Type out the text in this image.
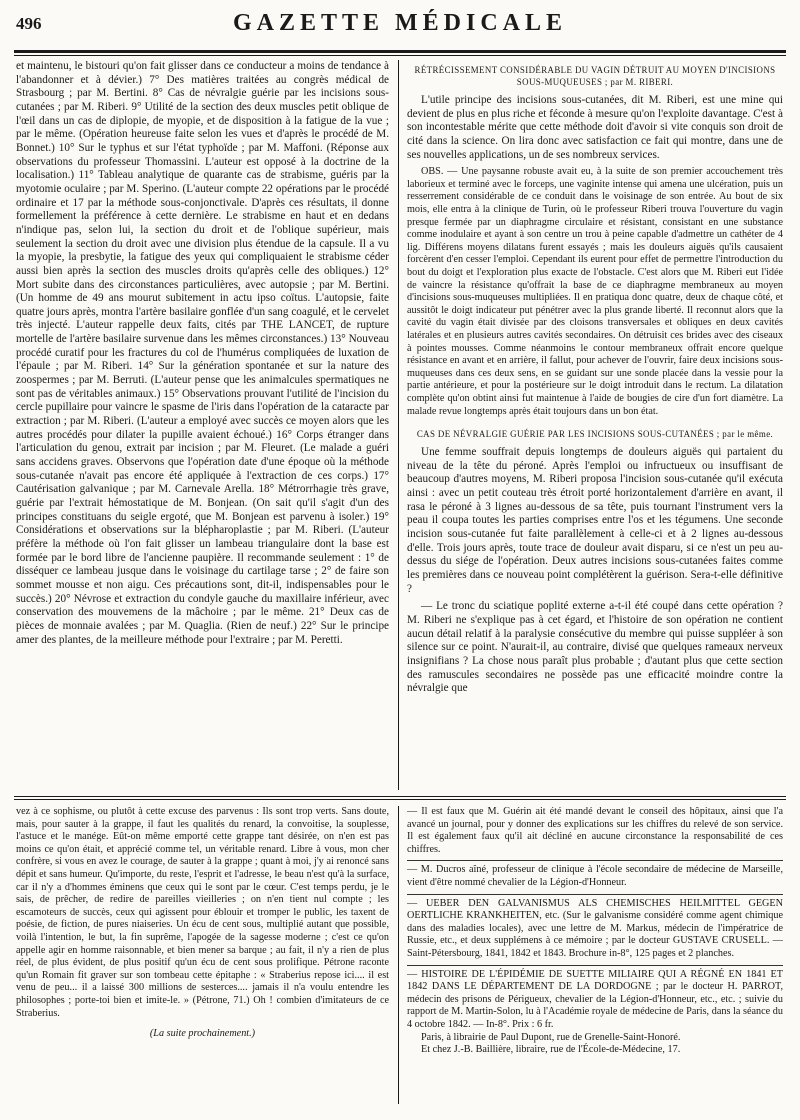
496	GAZETTE MÉDICALE

et maintenu, le bistouri qu'on fait glisser dans ce conducteur a moins de tendance à l'abandonner et à dévier.) 7° Des matières traitées au congrès médical de Strasbourg ; par M. Bertini. 8° Cas de névralgie guérie par les incisions sous-cutanées ; par M. Riberi. 9° Utilité de la section des deux muscles petit oblique de l'œil dans un cas de diplopie, de myopie, et de disposition à la fatigue de la vue ; par le même. (Opération heureuse faite selon les vues et d'après le procédé de M. Bonnet.) 10° Sur le typhus et sur l'état typhoïde ; par M. Maffoni. (Réponse aux observations du professeur Thomassini. L'auteur est opposé à la doctrine de la localisation.) 11° Tableau analytique de quarante cas de strabisme, guéris par la myotomie oculaire ; par M. Sperino. (L'auteur compte 22 opérations par le procédé ordinaire et 17 par la méthode sous-conjonctivale. D'après ces résultats, il donne formellement la préférence à cette dernière. Le strabisme en haut et en dedans n'indique pas, selon lui, la section du droit et de l'oblique supérieur, mais seulement la section du droit avec une division plus étendue de la capsule. Il a vu la myopie, la presbytie, la fatigue des yeux qui compliquaient le strabisme céder aussi bien après la section des muscles droits qu'après celle des obliques.) 12° Mort subite dans des circonstances particulières, avec autopsie ; par M. Bertini. (Un homme de 49 ans mourut subitement in actu ipso coïtus. L'autopsie, faite quatre jours après, montra l'artère basilaire gonflée d'un sang coagulé, et le cervelet très injecté. L'auteur rappelle deux faits, cités par THE LANCET, de rupture mortelle de l'artère basilaire survenue dans les mêmes circonstances.) 13° Nouveau procédé curatif pour les fractures du col de l'humérus compliquées de luxation de l'épaule ; par M. Riberi. 14° Sur la génération spontanée et sur la nature des zoospermes ; par M. Berruti. (L'auteur pense que les animalcules spermatiques ne sont pas de véritables animaux.) 15° Observations prouvant l'utilité de l'incision du cercle pupillaire pour vaincre le spasme de l'iris dans l'opération de la cataracte par extraction ; par M. Riberi. (L'auteur a employé avec succès ce moyen alors que les autres procédés pour dilater la pupille avaient échoué.) 16° Corps étranger dans l'articulation du genou, extrait par incision ; par M. Fleuret. (Le malade a guéri sans accidens graves. Observons que l'opération date d'une époque où la méthode sous-cutanée n'avait pas encore été appliquée à l'extraction de ces corps.) 17° Cautérisation galvanique ; par M. Carnevale Arella. 18° Métrorrhagie très grave, guérie par l'extrait hémostatique de M. Bonjean. (On sait qu'il s'agit d'un des principes constituans du seigle ergoté, que M. Bonjean est parvenu à isoler.) 19° Considérations et observations sur la blépharoplastie ; par M. Riberi. (L'auteur préfère la méthode où l'on fait glisser un lambeau triangulaire dont la base est formée par le bord libre de l'ancienne paupière. Il recommande seulement : 1° de disséquer ce lambeau jusque dans le voisinage du cartilage tarse ; 2° de faire son sommet mousse et non aigu. Ces précautions sont, dit-il, indispensables pour le succès.) 20° Névrose et extraction du condyle gauche du maxillaire inférieur, avec conservation des mouvemens de la mâchoire ; par le même. 21° Deux cas de pièces de monnaie avalées ; par M. Quaglia. (Rien de neuf.) 22° Sur le principe amer des plantes, de la meilleure méthode pour l'extraire ; par M. Peretti.

RÉTRÉCISSEMENT CONSIDÉRABLE DU VAGIN DÉTRUIT AU MOYEN D'INCISIONS SOUS-MUQUEUSES ; par M. RIBERI.

L'utile principe des incisions sous-cutanées, dit M. Riberi, est une mine qui devient de plus en plus riche et féconde à mesure qu'on l'exploite davantage. C'est à son incontestable mérite que cette méthode doit d'avoir si vite conquis son droit de cité dans la science. On lira donc avec satisfaction ce fait qui montre, dans une de ses nouvelles applications, un de ses nombreux services.

OBS. — Une paysanne robuste avait eu, à la suite de son premier accouchement très laborieux et terminé avec le forceps, une vaginite intense qui amena une ulcération, puis un resserrement considérable de ce conduit dans le voisinage de son entrée. Au bout de six mois, elle entra à la clinique de Turin, où le professeur Riberi trouva l'ouverture du vagin presque fermée par un diaphragme circulaire et résistant, consistant en une substance comme inodulaire et ayant à son centre un trou à peine capable d'admettre un cathéter de 4 lig. Différens moyens dilatans furent essayés ; mais les douleurs aiguës qu'ils causaient forcèrent d'en cesser l'emploi. Cependant ils eurent pour effet de permettre l'introduction du bout du doigt et l'exploration plus exacte de l'obstacle. C'est alors que M. Riberi eut l'idée de vaincre la résistance qu'offrait la base de ce diaphragme membraneux au moyen d'incisions sous-muqueuses multipliées. Il en pratiqua donc quatre, deux de chaque côté, et aussitôt le doigt indicateur put pénétrer avec la plus grande liberté. Il reconnut alors que la cavité du vagin était divisée par des cloisons transversales et obliques en deux cavités latérales et en plusieurs autres cavités secondaires. On détruisit ces brides avec des ciseaux à pointes mousses. Comme néanmoins le contour membraneux offrait encore quelque résistance en avant et en arrière, il fallut, pour achever de l'ouvrir, faire deux incisions sous-muqueuses dans ces deux sens, en se guidant sur une sonde placée dans la vessie pour la partie antérieure, et pour la postérieure sur le doigt introduit dans le rectum. La dilatation complète qu'on obtint ainsi fut maintenue à l'aide de bougies de cire d'un fort diamètre. La malade revue longtemps après était toujours dans un bon état.

CAS DE NÉVRALGIE GUÉRIE PAR LES INCISIONS SOUS-CUTANÉES ; par le même.

Une femme souffrait depuis longtemps de douleurs aiguës qui partaient du niveau de la tête du péroné. Après l'emploi ou infructueux ou insuffisant de beaucoup d'autres moyens, M. Riberi proposa l'incision sous-cutanée qu'il exécuta ainsi : avec un petit couteau très étroit porté horizontalement d'arrière en avant, il rasa le péroné à 3 lignes au-dessous de sa tête, puis tournant l'instrument vers la peau il coupa toutes les parties comprises entre l'os et les tégumens. Une seconde incision sous-cutanée fut faite parallèlement à celle-ci et à 2 lignes au-dessous d'elle. Trois jours après, toute trace de douleur avait disparu, si ce n'est un peu au-dessus du siége de l'opération. Deux autres incisions sous-cutanées faites comme les premières dans ce nouveau point complétèrent la guérison. Sera-t-elle définitive ?

— Le tronc du sciatique poplité externe a-t-il été coupé dans cette opération ? M. Riberi ne s'explique pas à cet égard, et l'histoire de son opération ne contient aucun détail relatif à la paralysie consécutive du membre qui puisse suppléer à son silence sur ce point. N'aurait-il, au contraire, divisé que quelques rameaux nerveux insignifians ? La chose nous paraît plus probable ; d'autant plus que cette section des ramuscules secondaires ne possède pas une efficacité moindre contre la névralgie que

vez à ce sophisme, ou plutôt à cette excuse des parvenus : Ils sont trop verts. Sans doute, mais, pour sauter à la grappe, il faut les qualités du renard, la convoitise, la souplesse, l'astuce et le manége. Eût-on même emporté cette grappe tant désirée, on n'en est pas moins ce qu'on était, et apprécié comme tel, un véritable renard. Libre à vous, mon cher confrère, si vous en avez le courage, de sauter à la grappe ; quant à moi, j'y ai renoncé sans dépit et sans humeur. Qu'importe, du reste, l'esprit et l'adresse, le beau n'est qu'à la surface, car il n'y a d'hommes éminens que ceux qui le sont par le cœur. C'est temps perdu, je le sais, de prêcher, de redire de pareilles vieilleries ; on n'en tient nul compte ; les escamoteurs de succès, ceux qui agissent pour éblouir et tromper le public, les taxent de poésie, de fiction, de pures niaiseries. Un écu de cent sous, multiplié autant que possible, voilà l'intention, le but, la fin suprême, l'apogée de la sagesse moderne ; c'est ce qu'on appelle agir en homme raisonnable, et bien mener sa barque ; au fait, il n'y a rien de plus réel, de plus évident, de plus positif qu'un écu de cent sous prolifique. Pétrone raconte qu'un Romain fit graver sur son tombeau cette épitaphe : « Straberius repose ici.... il est venu de peu... il a laissé 300 millions de sesterces.... jamais il n'a voulu entendre les philosophes ; porte-toi bien et imite-le. » (Pétrone, 71.) Oh ! combien d'imitateurs de ce Straberius.

(La suite prochainement.)

— Il est faux que M. Guérin ait été mandé devant le conseil des hôpitaux, ainsi que l'a avancé un journal, pour y donner des explications sur les chiffres du relevé de son service. Il est également faux qu'il ait décliné en aucune circonstance la responsabilité de ces chiffres.

— M. Ducros aîné, professeur de clinique à l'école secondaire de médecine de Marseille, vient d'être nommé chevalier de la Légion-d'Honneur.

— UEBER DEN GALVANISMUS ALS CHEMISCHES HEILMITTEL GEGEN OERTLICHE KRANKHEITEN, etc. (Sur le galvanisme considéré comme agent chimique dans des maladies locales), avec une lettre de M. Markus, médecin de l'impératrice de Russie, etc., et deux supplémens à ce mémoire ; par le docteur GUSTAVE CRUSELL. — Saint-Pétersbourg, 1841, 1842 et 1843. Brochure in-8°, 125 pages et 2 planches.

— HISTOIRE DE L'ÉPIDÉMIE DE SUETTE MILIAIRE QUI A RÉGNÉ EN 1841 ET 1842 DANS LE DÉPARTEMENT DE LA DORDOGNE ; par le docteur H. PARROT, médecin des prisons de Périgueux, chevalier de la Légion-d'Honneur, etc., etc. ; suivie du rapport de M. Martin-Solon, lu à l'Académie royale de médecine de Paris, dans la séance du 4 octobre 1842. — In-8°. Prix : 6 fr.

Paris, à librairie de Paul Dupont, rue de Grenelle-Saint-Honoré.

Et chez J.-B. Baillière, libraire, rue de l'École-de-Médecine, 17.
